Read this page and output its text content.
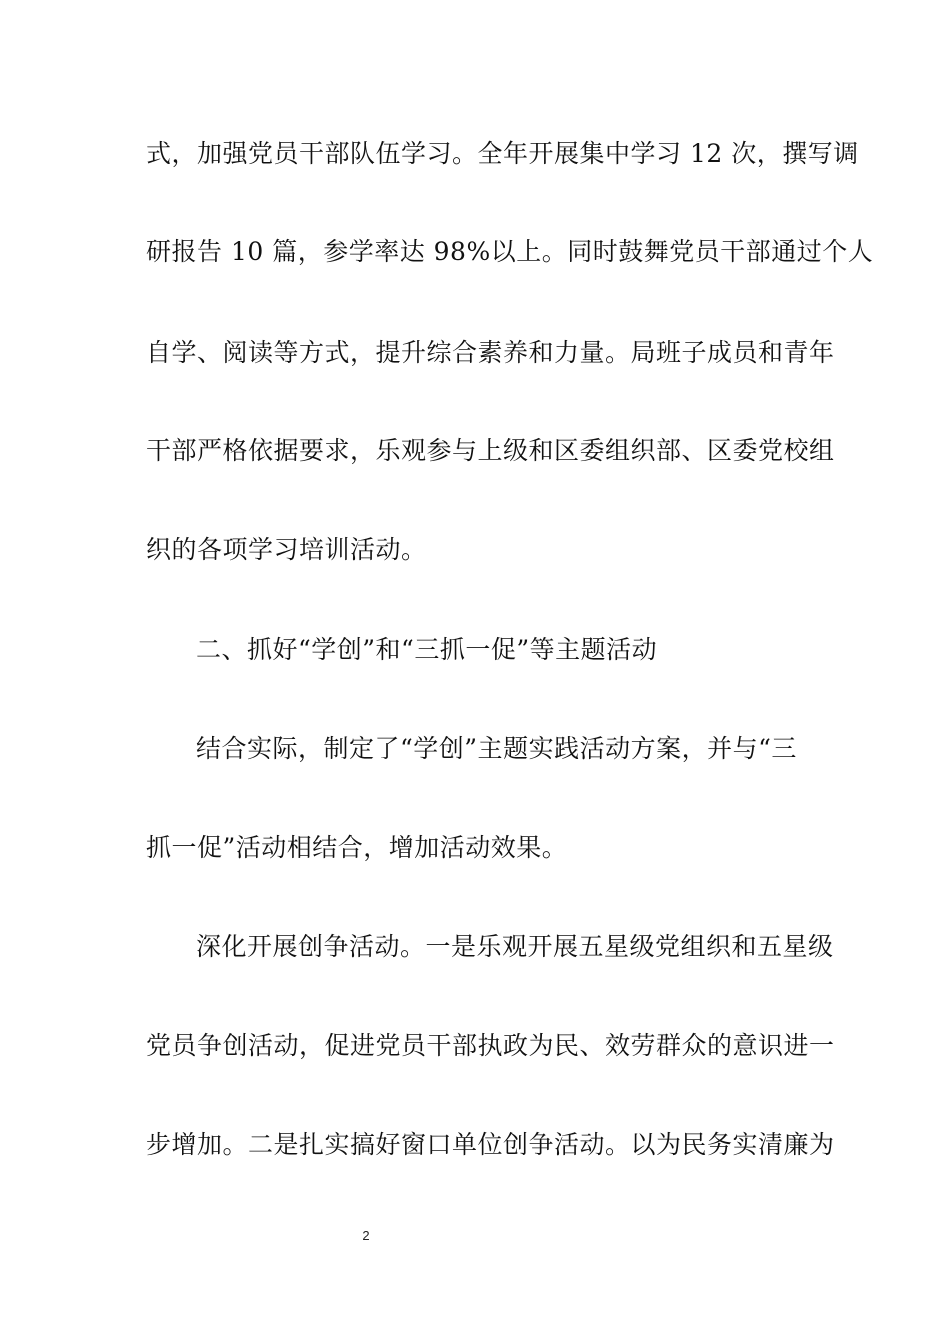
式，加强党员干部队伍学习。全年开展集中学习 12 次，撰写调
研报告 10 篇，参学率达 98%以上。同时鼓舞党员干部通过个人
自学、阅读等方式，提升综合素养和力量。局班子成员和青年
干部严格依据要求，乐观参与上级和区委组织部、区委党校组
织的各项学习培训活动。
二、抓好“学创”和“三抓一促”等主题活动
结合实际，制定了“学创”主题实践活动方案，并与“三
抓一促”活动相结合，增加活动效果。
深化开展创争活动。一是乐观开展五星级党组织和五星级
党员争创活动，促进党员干部执政为民、效劳群众的意识进一
步增加。二是扎实搞好窗口单位创争活动。以为民务实清廉为
2
